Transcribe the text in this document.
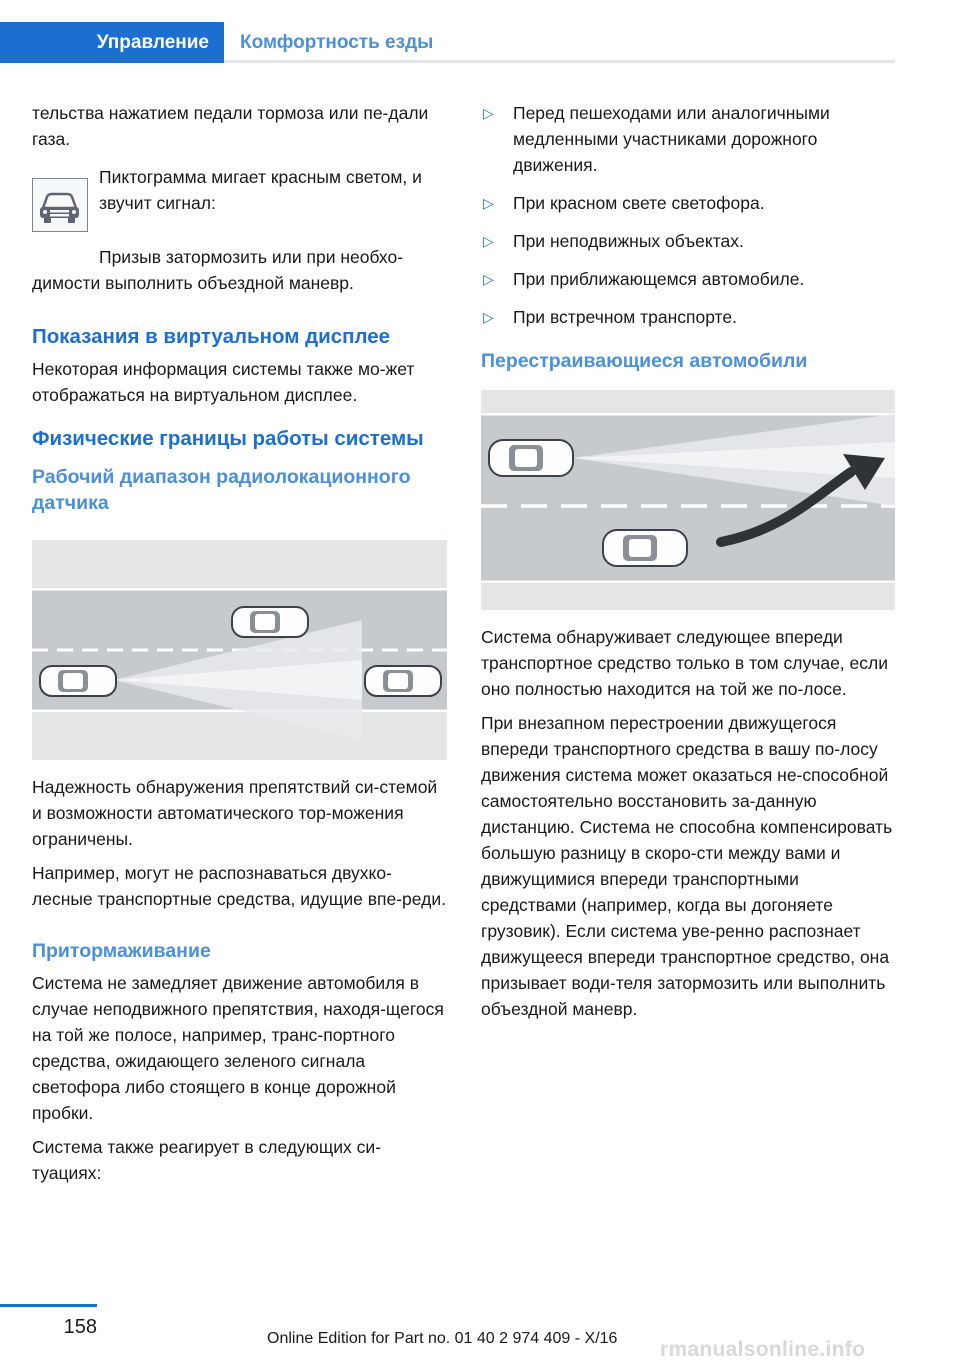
Управление	Комфортность езды

тельства нажатием педали тормоза или пе-дали газа.

Пиктограмма мигает красным светом, и звучит сигнал:

Призыв затормозить или при необхо-димости выполнить объездной маневр.

Показания в виртуальном дисплее

Некоторая информация системы также мо-жет отображаться на виртуальном дисплее.

Физические границы работы системы
Рабочий диапазон радиолокационного датчика

Надежность обнаружения препятствий си-стемой и возможности автоматического тор-можения ограничены.

Например, могут не распознаваться двухко-лесные транспортные средства, идущие впе-реди.

Притормаживание

Система не замедляет движение автомобиля в случае неподвижного препятствия, находя-щегося на той же полосе, например, транс-портного средства, ожидающего зеленого сигнала светофора либо стоящего в конце дорожной пробки.

Система также реагирует в следующих си-туациях:

▷ Перед пешеходами или аналогичными медленными участниками дорожного движения.
▷ При красном свете светофора.
▷ При неподвижных объектах.
▷ При приближающемся автомобиле.
▷ При встречном транспорте.
Перестраивающиеся автомобили

Система обнаруживает следующее впереди транспортное средство только в том случае, если оно полностью находится на той же по-лосе.

При внезапном перестроении движущегося впереди транспортного средства в вашу по-лосу движения система может оказаться не-способной самостоятельно восстановить за-данную дистанцию. Система не способна компенсировать большую разницу в скоро-сти между вами и движущимися впереди транспортными средствами (например, когда вы догоняете грузовик). Если система уве-ренно распознает движущееся впереди транспортное средство, она призывает води-теля затормозить или выполнить объездной маневр.

158
Online Edition for Part no. 01 40 2 974 409 - X/16 rmanualsonline.info
